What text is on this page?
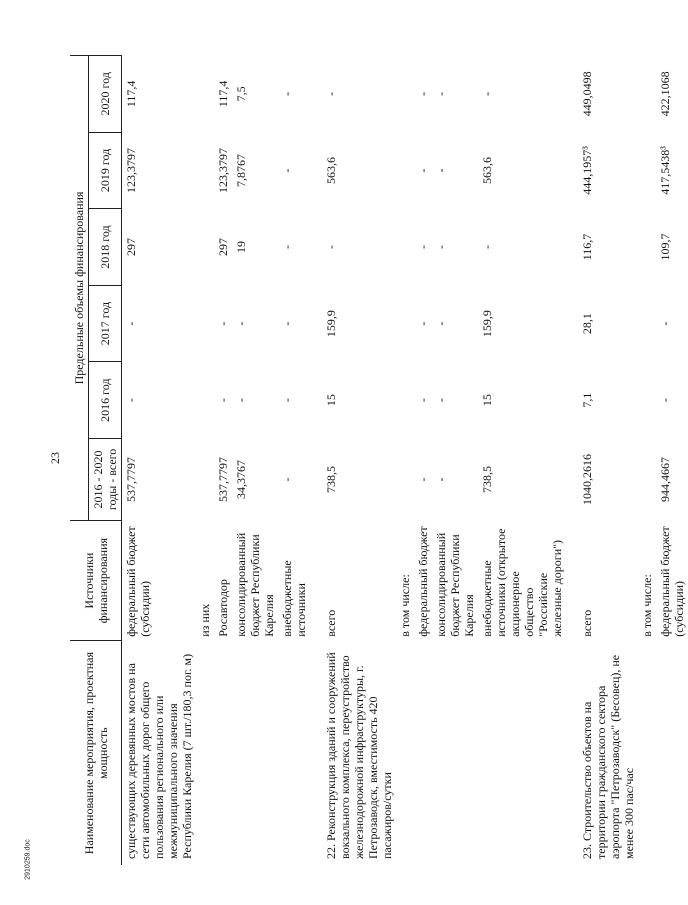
23
2910259.doc
Наименование мероприятия, проектная мощность	Источники финансирования	Предельные объемы финансирования					
		2016 - 2020 годы - всего	2016 год	2017 год	2018 год	2019 год	2020 год
существующих деревянных мостов на сети автомобильных дорог общего пользования регионального или межмуниципального значения Республики Карелия (7 шт./180,3 пог. м)	федеральный бюджет (субсидии)	537,7797	-	-	297	123,3797	117,4
	из них						
	Росавтодор	537,7797	-	-	297	123,3797	117,4
	консолидированный бюджет Республики Карелия	34,3767	-	-	19	7,8767	7,5
	внебюджетные источники	-	-	-	-	-	-

22. Реконструкция зданий и сооружений вокзального комплекса, переустройство железнодорожной инфраструктуры, г. Петрозаводск, вместимость 420 пасажиров/сутки	всего	738,5	15	159,9	-	563,6	-
	в том числе:						
	федеральный бюджет	-	-	-	-	-	-
	консолидированный бюджет Республики Карелия	-	-	-	-	-	-
	внебюджетные источники (открытое акционерное общество "Российские железные дороги")	738,5	15	159,9	-	563,6	-

23. Строительство объектов на территории гражданского сектора аэропорта "Петрозаводск" (Бесовец), не менее 300 пас/час	всего	1040,2616	7,1	28,1	116,7	444,1957³	449,0498
	в том числе:						
	федеральный бюджет (субсидии)	944,4667	-	-	109,7	417,5438³	422,1068
